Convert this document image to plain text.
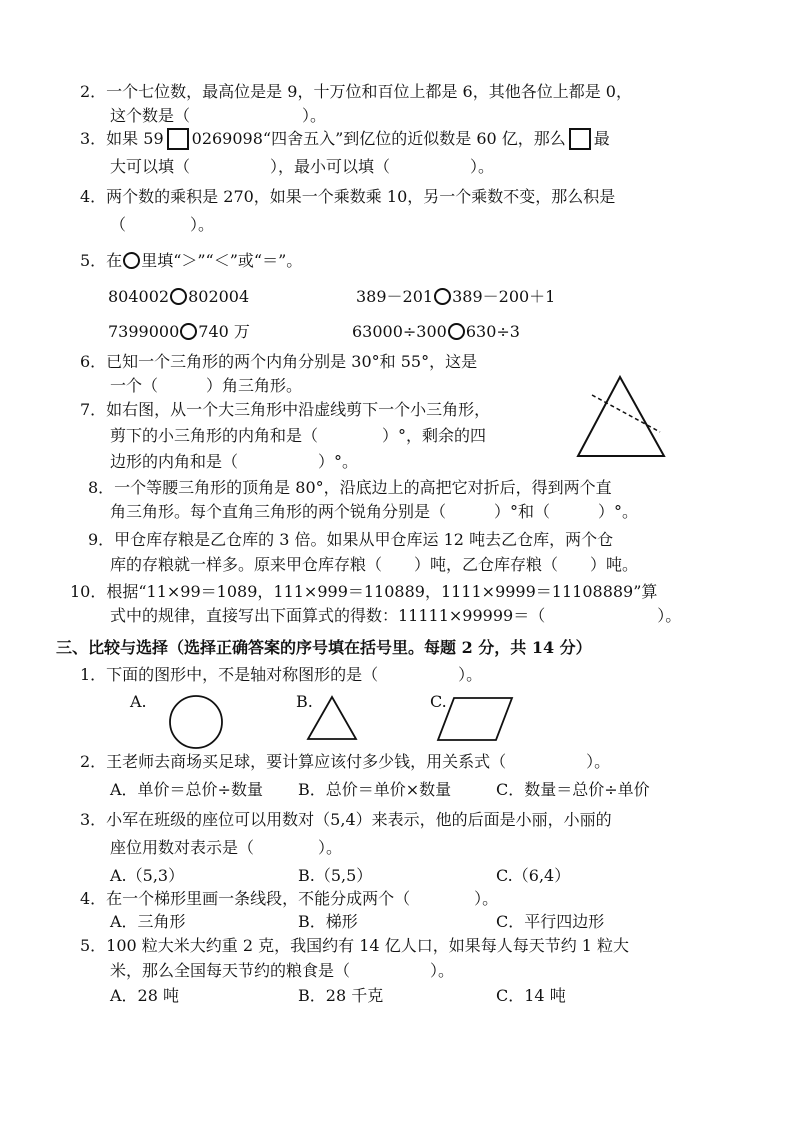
2．一个七位数，最高位是是 9，十万位和百位上都是 6，其他各位上都是 0，
这个数是（　　　　　　　）。
3．如果 59 0269098“四舍五入”到亿位的近似数是 60 亿，那么 最
大可以填（　　　　　），最小可以填（　　　　　）。
4．两个数的乘积是 270，如果一个乘数乘 10，另一个乘数不变，那么积是
（　　　　）。
5．在 里填“＞”“＜”或“＝”。
804002 802004	389－201 389－200＋1
7399000 740 万	63000÷300 630÷3
6．已知一个三角形的两个内角分别是 30°和 55°，这是
一个（　　　）角三角形。
7．如右图，从一个大三角形中沿虚线剪下一个小三角形，
剪下的小三角形的内角和是（　　　　）°，剩余的四
边形的内角和是（　　　　　）°。
8．一个等腰三角形的顶角是 80°，沿底边上的高把它对折后，得到两个直
角三角形。每个直角三角形的两个锐角分别是（　　　）°和（　　　）°。
9．甲仓库存粮是乙仓库的 3 倍。如果从甲仓库运 12 吨去乙仓库，两个仓
库的存粮就一样多。原来甲仓库存粮（　　）吨，乙仓库存粮（　　）吨。
10．根据“11×99＝1089，111×999＝110889，1111×9999＝11108889”算
式中的规律，直接写出下面算式的得数：11111×99999＝（　　　　　　　）。
三、比较与选择（选择正确答案的序号填在括号里。每题 2 分，共 14 分）
1．下面的图形中，不是轴对称图形的是（　　　　　）。
A.	B.	C.
2．王老师去商场买足球，要计算应该付多少钱，用关系式（　　　　　）。
A．单价＝总价÷数量 B．总价＝单价×数量	C．数量＝总价÷单价
3．小军在班级的座位可以用数对（5,4）来表示，他的后面是小丽，小丽的
座位用数对表示是（　　　　）。
A.（5,3）	B.（5,5）	C.（6,4）
4．在一个梯形里画一条线段，不能分成两个（　　　　）。
A．三角形	B．梯形	C．平行四边形
5．100 粒大米大约重 2 克，我国约有 14 亿人口，如果每人每天节约 1 粒大
米，那么全国每天节约的粮食是（　　　　　）。
A．28 吨	B．28 千克	C．14 吨
